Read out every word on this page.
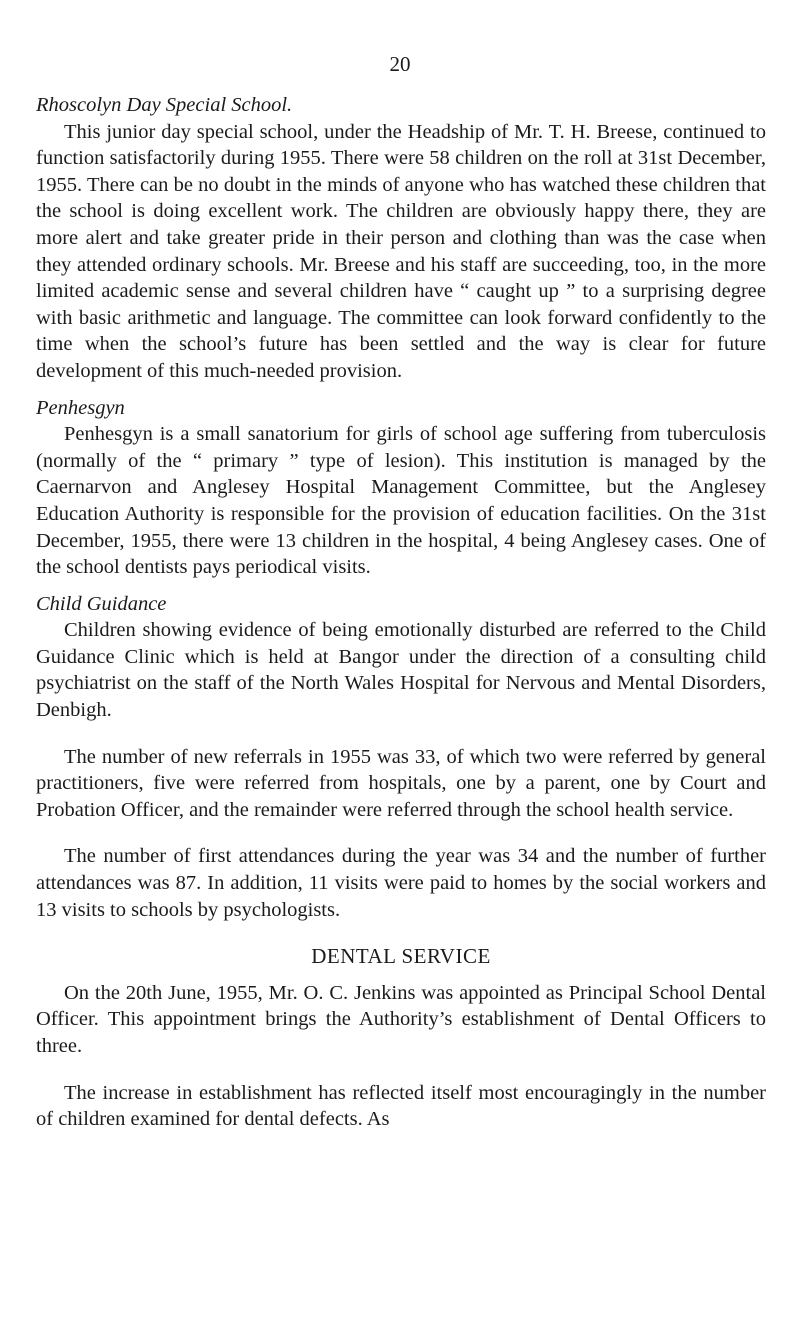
20

Rhoscolyn Day Special School.

This junior day special school, under the Headship of Mr. T. H. Breese, continued to function satisfactorily during 1955. There were 58 children on the roll at 31st December, 1955. There can be no doubt in the minds of anyone who has watched these children that the school is doing excellent work. The children are obviously happy there, they are more alert and take greater pride in their person and clothing than was the case when they attended ordinary schools. Mr. Breese and his staff are succeeding, too, in the more limited academic sense and several children have “ caught up ” to a surprising degree with basic arithmetic and language. The committee can look forward confidently to the time when the school’s future has been settled and the way is clear for future development of this much-needed provision.

Penhesgyn

Penhesgyn is a small sanatorium for girls of school age suffering from tuberculosis (normally of the “ primary ” type of lesion). This institution is managed by the Caernarvon and Anglesey Hospital Management Committee, but the Anglesey Education Authority is responsible for the provision of education facilities. On the 31st December, 1955, there were 13 children in the hospital, 4 being Anglesey cases. One of the school dentists pays periodical visits.

Child Guidance

Children showing evidence of being emotionally disturbed are referred to the Child Guidance Clinic which is held at Bangor under the direction of a consulting child psychiatrist on the staff of the North Wales Hospital for Nervous and Mental Disorders, Denbigh.

The number of new referrals in 1955 was 33, of which two were referred by general practitioners, five were referred from hospitals, one by a parent, one by Court and Probation Officer, and the remainder were referred through the school health service.

The number of first attendances during the year was 34 and the number of further attendances was 87. In addition, 11 visits were paid to homes by the social workers and 13 visits to schools by psychologists.

DENTAL SERVICE

On the 20th June, 1955, Mr. O. C. Jenkins was appointed as Principal School Dental Officer. This appointment brings the Authority’s establishment of Dental Officers to three.

The increase in establishment has reflected itself most encouragingly in the number of children examined for dental defects. As
